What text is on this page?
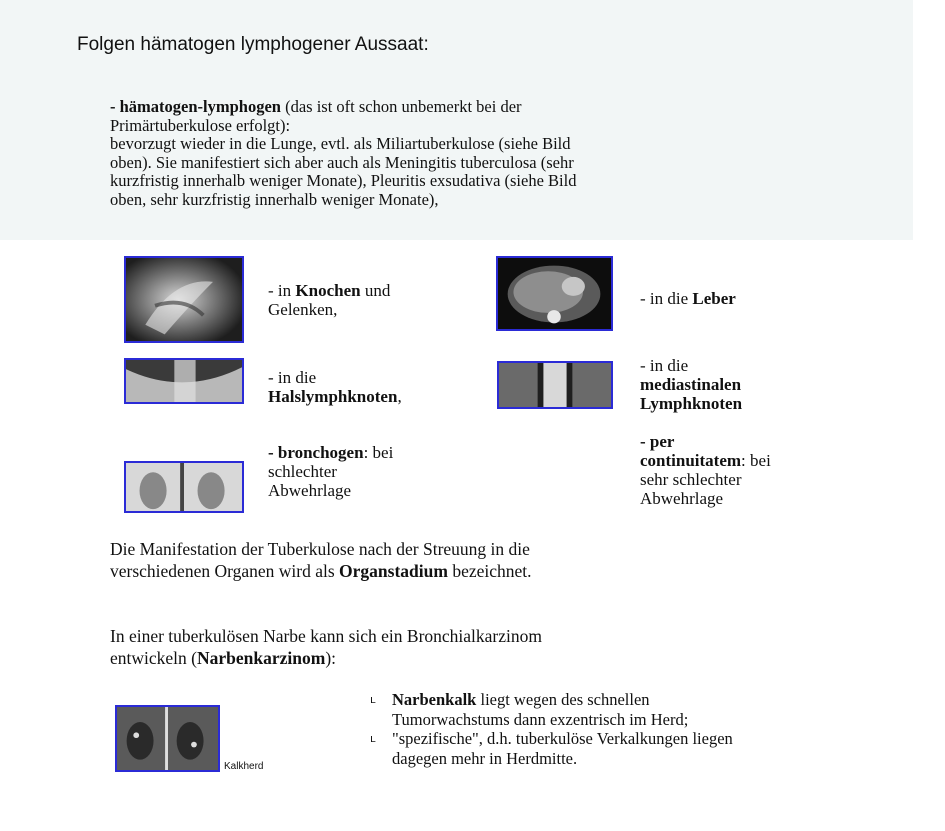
Folgen hämatogen lymphogener Aussaat:
- hämatogen-lymphogen (das ist oft schon unbemerkt bei der
Primärtuberkulose erfolgt):
bevorzugt wieder in die Lunge, evtl. als Miliartuberkulose (siehe Bild
oben). Sie manifestiert sich aber auch als Meningitis tuberculosa (sehr
kurzfristig innerhalb weniger Monate), Pleuritis exsudativa (siehe Bild
oben, sehr kurzfristig innerhalb weniger Monate),
- in Knochen und
Gelenken,
- in die Leber
- in die
Halslymphknoten,
- in die
mediastinalen
Lymphknoten
- bronchogen: bei
schlechter
Abwehrlage
- per
continuitatem: bei
sehr schlechter
Abwehrlage
Die Manifestation der Tuberkulose nach der Streuung in die
verschiedenen Organen wird als Organstadium bezeichnet.
In einer tuberkulösen Narbe kann sich ein Bronchialkarzinom
entwickeln (Narbenkarzinom):
Kalkherd
ʟ Narbenkalk liegt wegen des schnellen
Tumorwachstums dann exzentrisch im Herd;
ʟ "spezifische", d.h. tuberkulöse Verkalkungen liegen
dagegen mehr in Herdmitte.
